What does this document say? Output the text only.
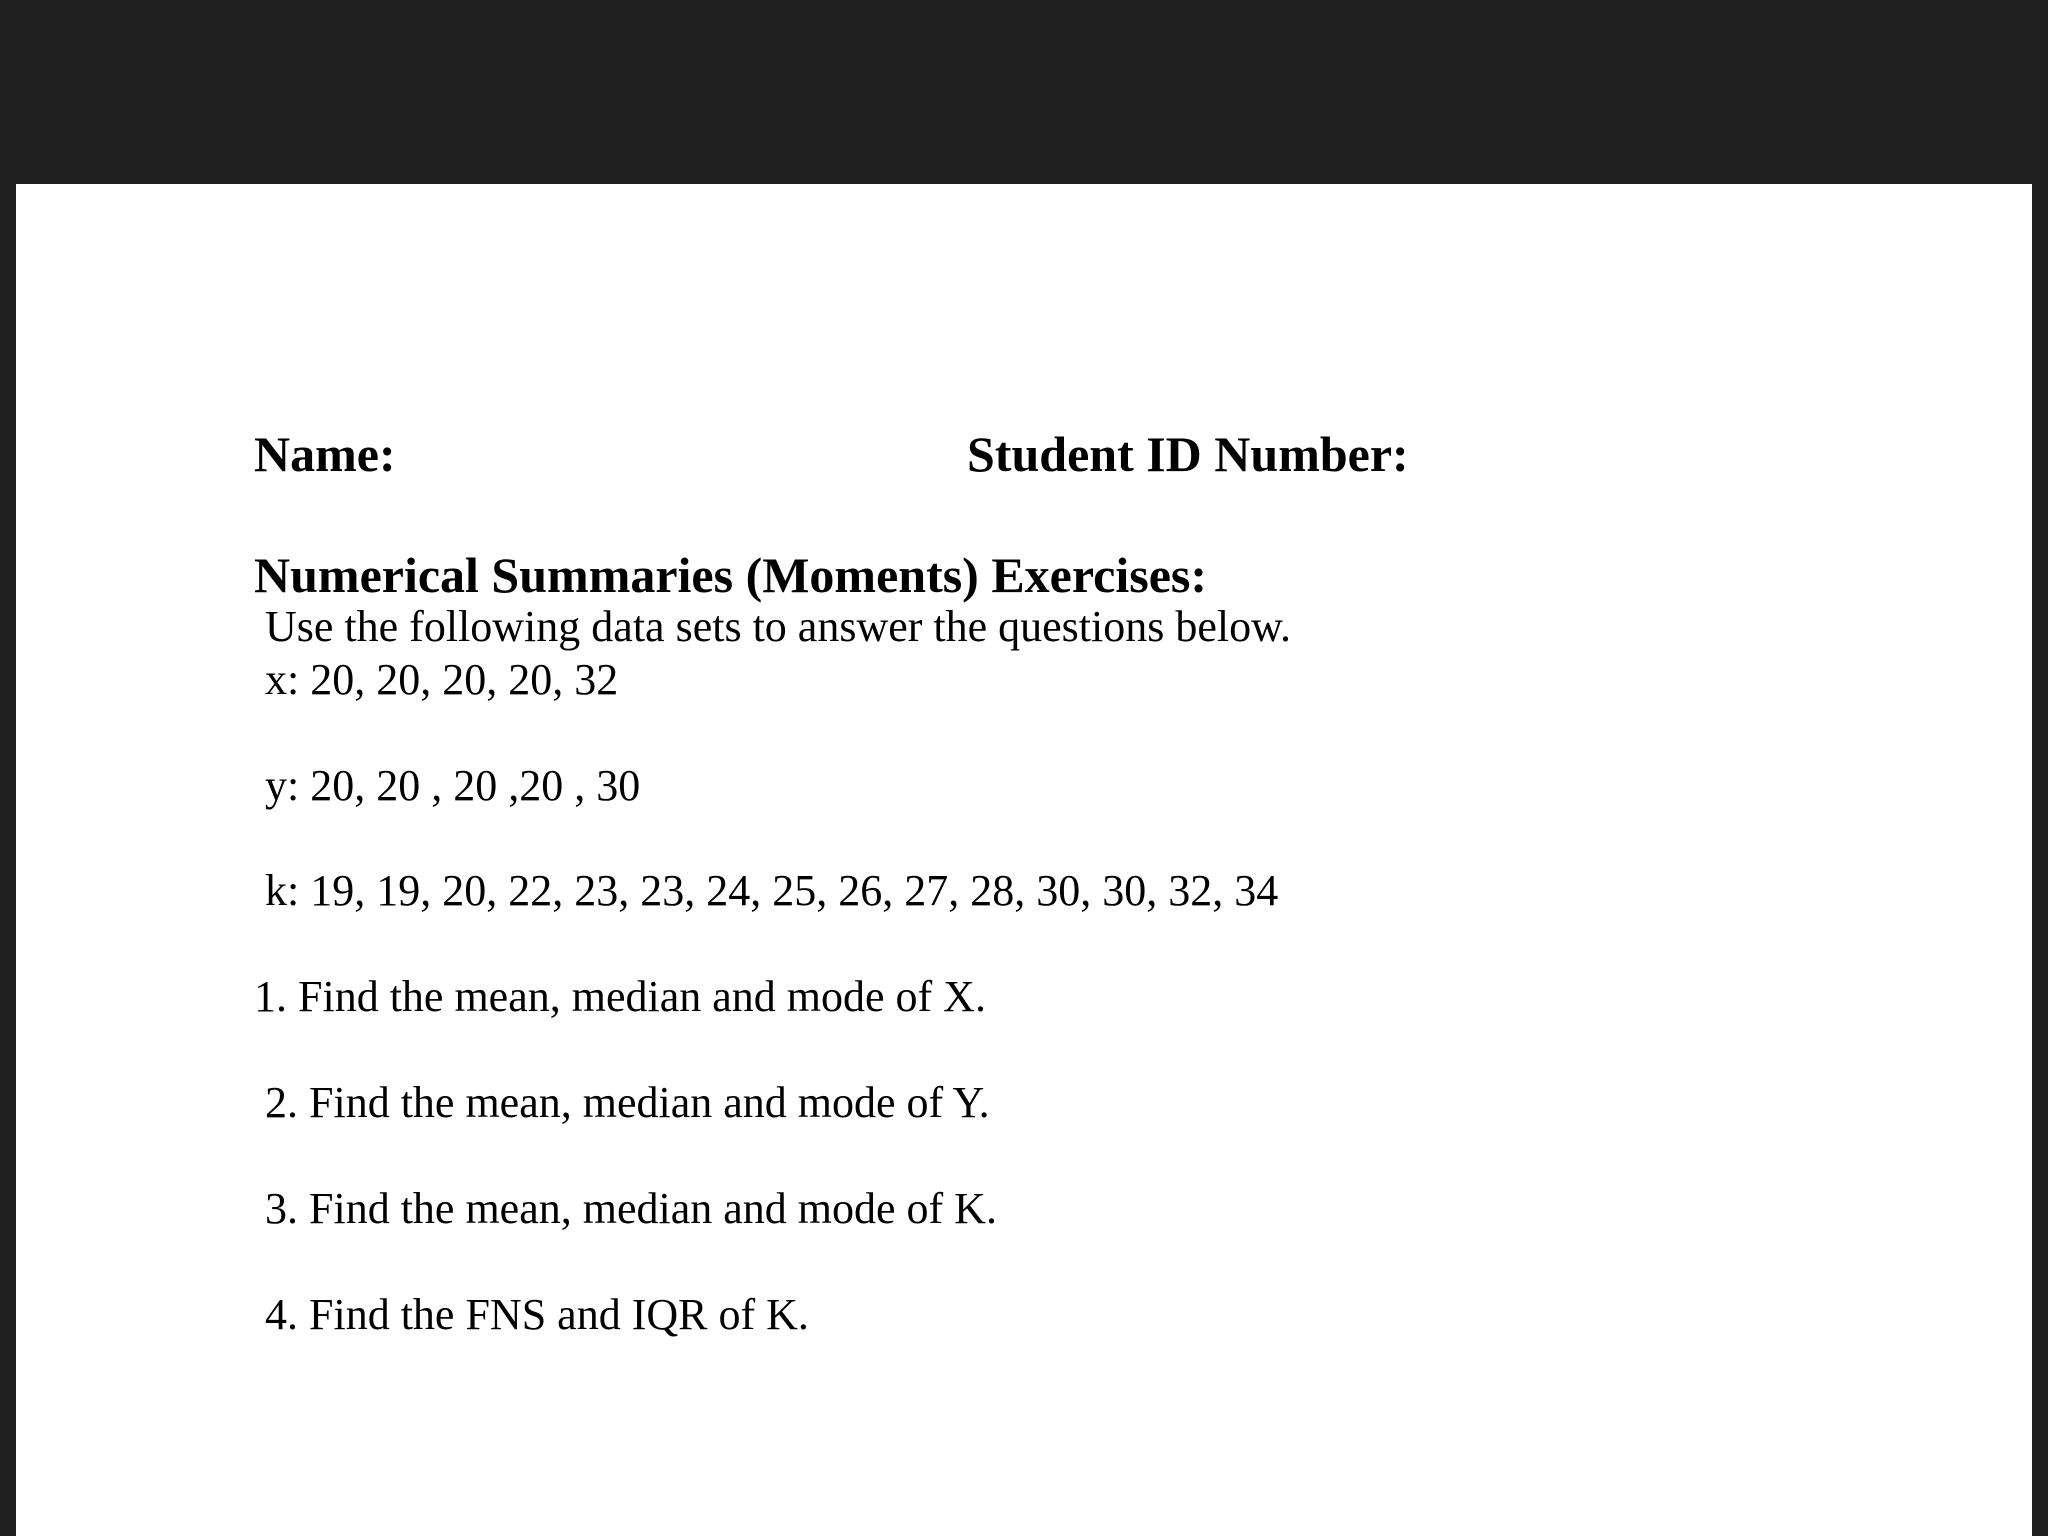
Name:	Student ID Number:
Numerical Summaries (Moments) Exercises:
Use the following data sets to answer the questions below.
x: 20, 20, 20, 20, 32
y: 20, 20 , 20 ,20 , 30
k: 19, 19, 20, 22, 23, 23, 24, 25, 26, 27, 28, 30, 30, 32, 34
1. Find the mean, median and mode of X.
2. Find the mean, median and mode of Y.
3. Find the mean, median and mode of K.
4. Find the FNS and IQR of K.
